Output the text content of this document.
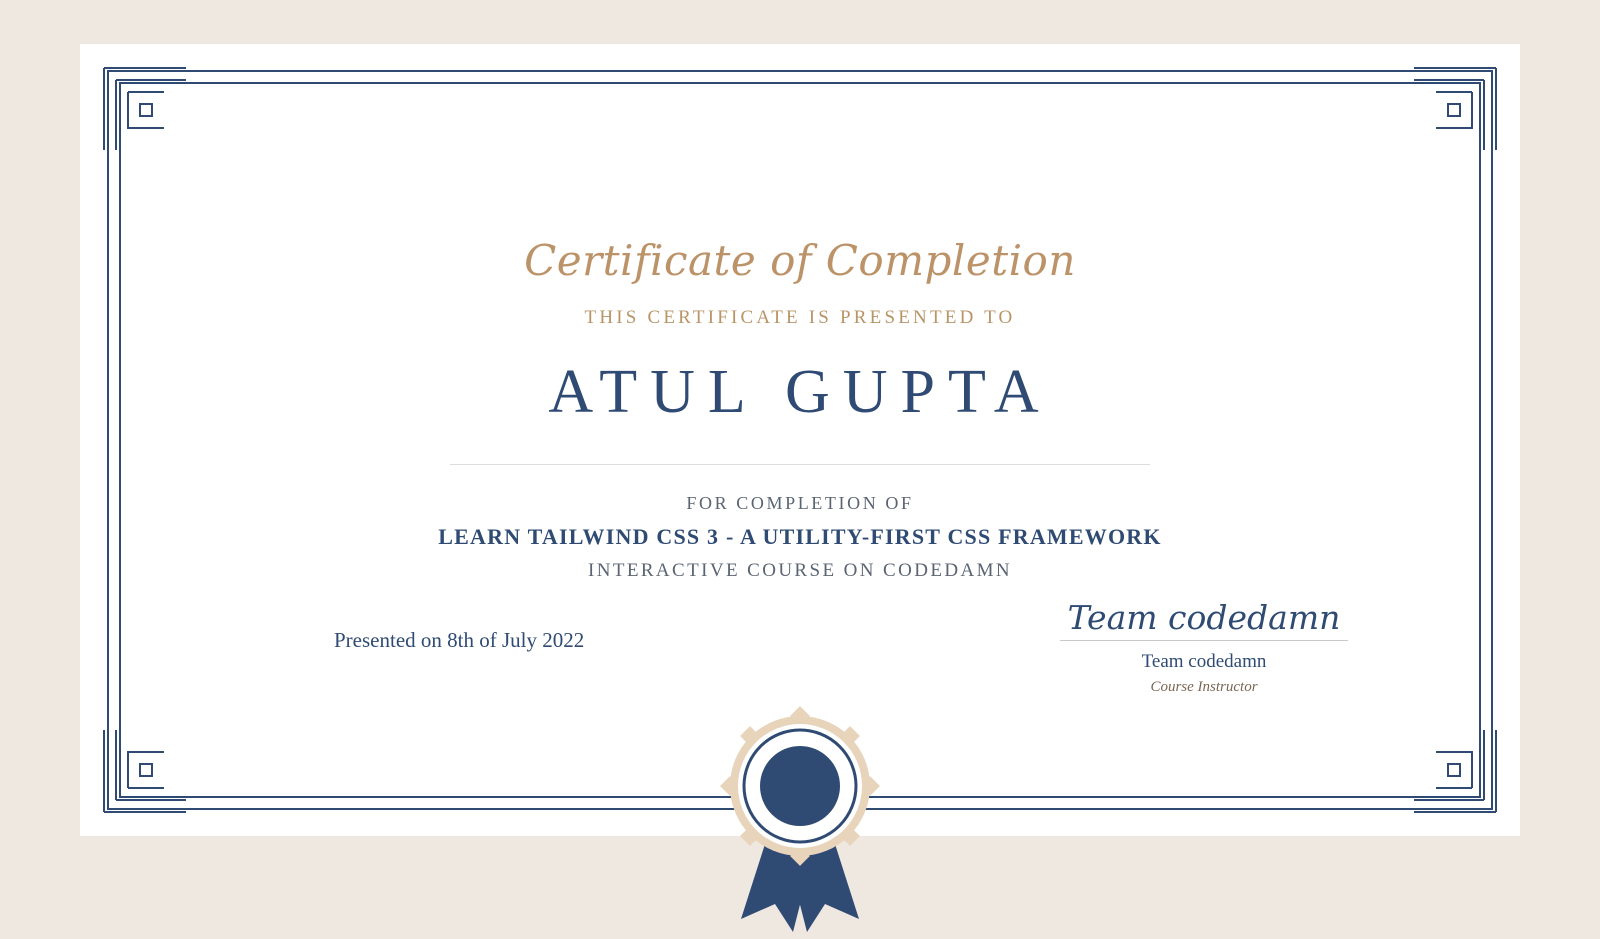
Certificate of Completion
THIS CERTIFICATE IS PRESENTED TO
ATUL GUPTA
FOR COMPLETION OF
LEARN TAILWIND CSS 3 - A UTILITY-FIRST CSS FRAMEWORK
INTERACTIVE COURSE ON CODEDAMN
Presented on 8th of July 2022
Team codedamn
Team codedamn
Course Instructor
